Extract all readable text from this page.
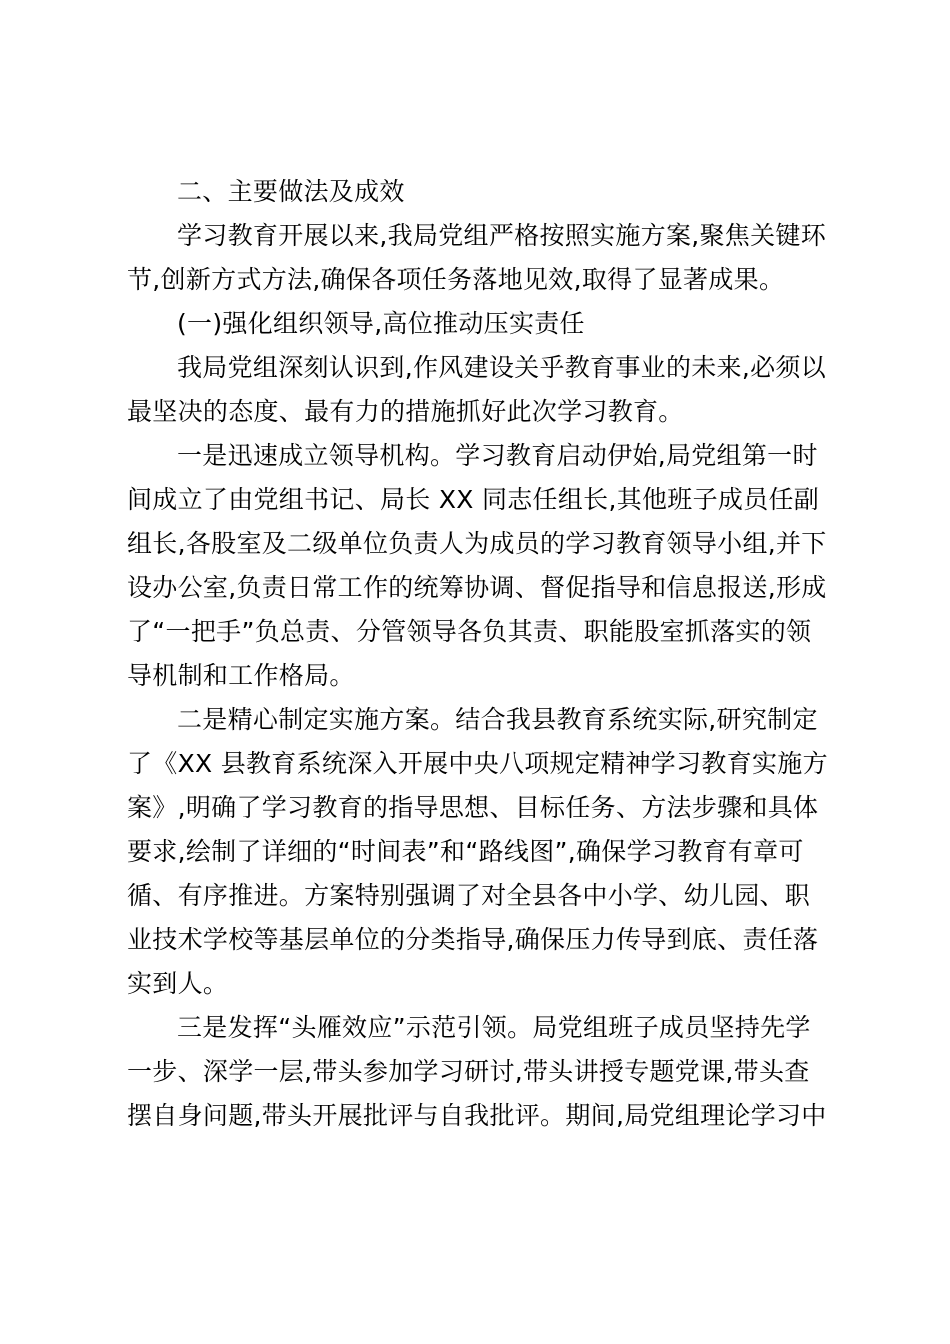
二、主要做法及成效
学习教育开展以来,我局党组严格按照实施方案,聚焦关键环
节,创新方式方法,确保各项任务落地见效,取得了显著成果。
(一)强化组织领导,高位推动压实责任
我局党组深刻认识到,作风建设关乎教育事业的未来,必须以
最坚决的态度、最有力的措施抓好此次学习教育。
一是迅速成立领导机构。学习教育启动伊始,局党组第一时
间成立了由党组书记、局长 XX 同志任组长,其他班子成员任副
组长,各股室及二级单位负责人为成员的学习教育领导小组,并下
设办公室,负责日常工作的统筹协调、督促指导和信息报送,形成
了“一把手”负总责、分管领导各负其责、职能股室抓落实的领
导机制和工作格局。
二是精心制定实施方案。结合我县教育系统实际,研究制定
了《XX 县教育系统深入开展中央八项规定精神学习教育实施方
案》,明确了学习教育的指导思想、目标任务、方法步骤和具体
要求,绘制了详细的“时间表”和“路线图”,确保学习教育有章可
循、有序推进。方案特别强调了对全县各中小学、幼儿园、职
业技术学校等基层单位的分类指导,确保压力传导到底、责任落
实到人。
三是发挥“头雁效应”示范引领。局党组班子成员坚持先学
一步、深学一层,带头参加学习研讨,带头讲授专题党课,带头查
摆自身问题,带头开展批评与自我批评。期间,局党组理论学习中
